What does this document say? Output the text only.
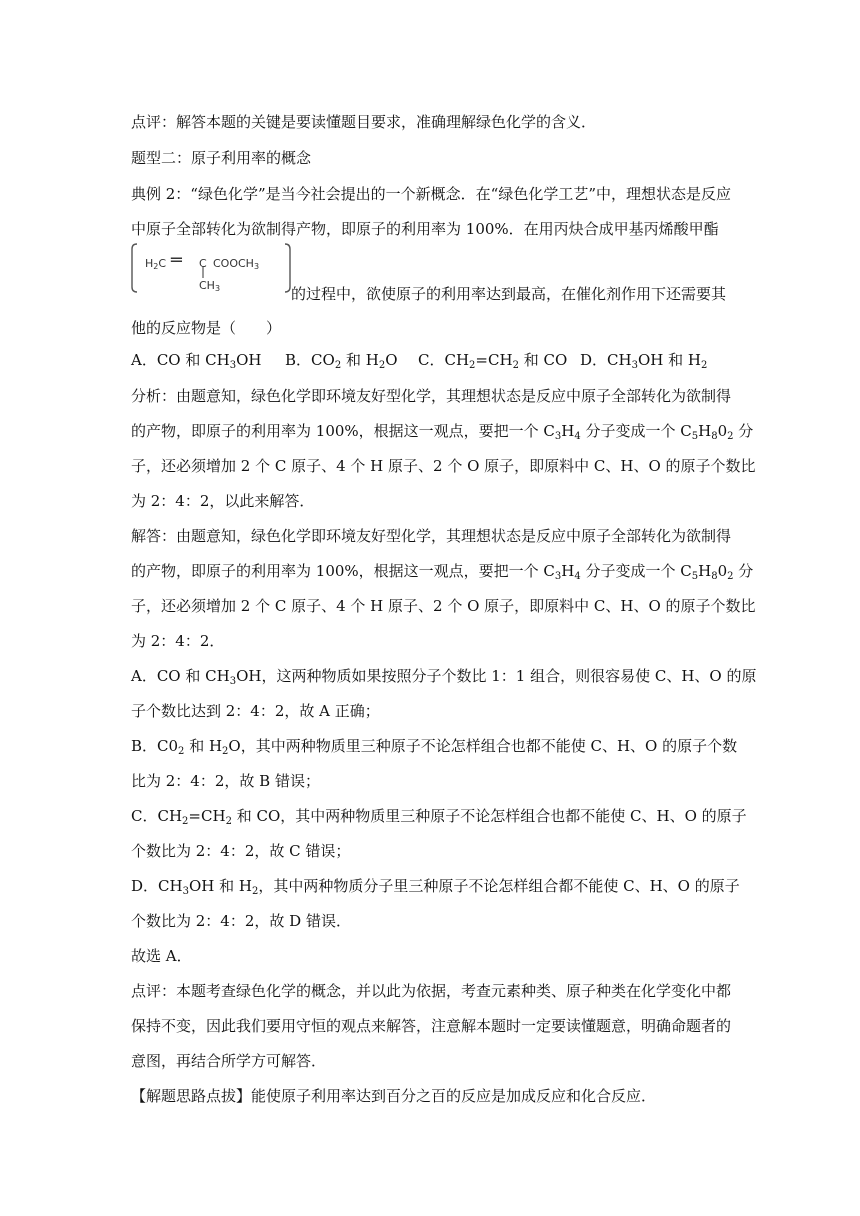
点评：解答本题的关键是要读懂题目要求，准确理解绿色化学的含义．
题型二：原子利用率的概念
典例 2：“绿色化学”是当今社会提出的一个新概念．在“绿色化学工艺”中，理想状态是反应
中原子全部转化为欲制得产物，即原子的利用率为 100%．在用丙炔合成甲基丙烯酸甲酯
$H_2C$ ═ C $COOCH_3$
$CH_3$	的过程中，欲使原子的利用率达到最高，在催化剂作用下还需要其
他的反应物是（　　）
A．CO 和 $CH_3OH$ B．$CO_2$ 和 $H_2O$ C．$CH_2=CH_2$ 和 CO D．$CH_3OH$ 和 $H_2$
分析：由题意知，绿色化学即环境友好型化学，其理想状态是反应中原子全部转化为欲制得
的产物，即原子的利用率为 100%，根据这一观点，要把一个 $C_3H_4$ 分子变成一个 $C_5H_80_2$ 分
子，还必须增加 2 个 C 原子、4 个 H 原子、2 个 O 原子，即原料中 C、H、O 的原子个数比
为 2：4：2，以此来解答．
解答：由题意知，绿色化学即环境友好型化学，其理想状态是反应中原子全部转化为欲制得
的产物，即原子的利用率为 100%，根据这一观点，要把一个 $C_3H_4$ 分子变成一个 $C_5H_80_2$ 分
子，还必须增加 2 个 C 原子、4 个 H 原子、2 个 O 原子，即原料中 C、H、O 的原子个数比
为 2：4：2．
A．CO 和 $CH_3OH$，这两种物质如果按照分子个数比 1：1 组合，则很容易使 C、H、O 的原
子个数比达到 2：4：2，故 A 正确；
B．$C0_2$ 和 $H_2O$，其中两种物质里三种原子不论怎样组合也都不能使 C、H、O 的原子个数
比为 2：4：2，故 B 错误；
C．$CH_2=CH_2$ 和 CO，其中两种物质里三种原子不论怎样组合也都不能使 C、H、O 的原子
个数比为 2：4：2，故 C 错误；
D．$CH_3OH$ 和 $H_2$，其中两种物质分子里三种原子不论怎样组合都不能使 C、H、O 的原子
个数比为 2：4：2，故 D 错误．
故选 A．
点评：本题考查绿色化学的概念，并以此为依据，考查元素种类、原子种类在化学变化中都
保持不变，因此我们要用守恒的观点来解答，注意解本题时一定要读懂题意，明确命题者的
意图，再结合所学方可解答．
【解题思路点拔】能使原子利用率达到百分之百的反应是加成反应和化合反应．
